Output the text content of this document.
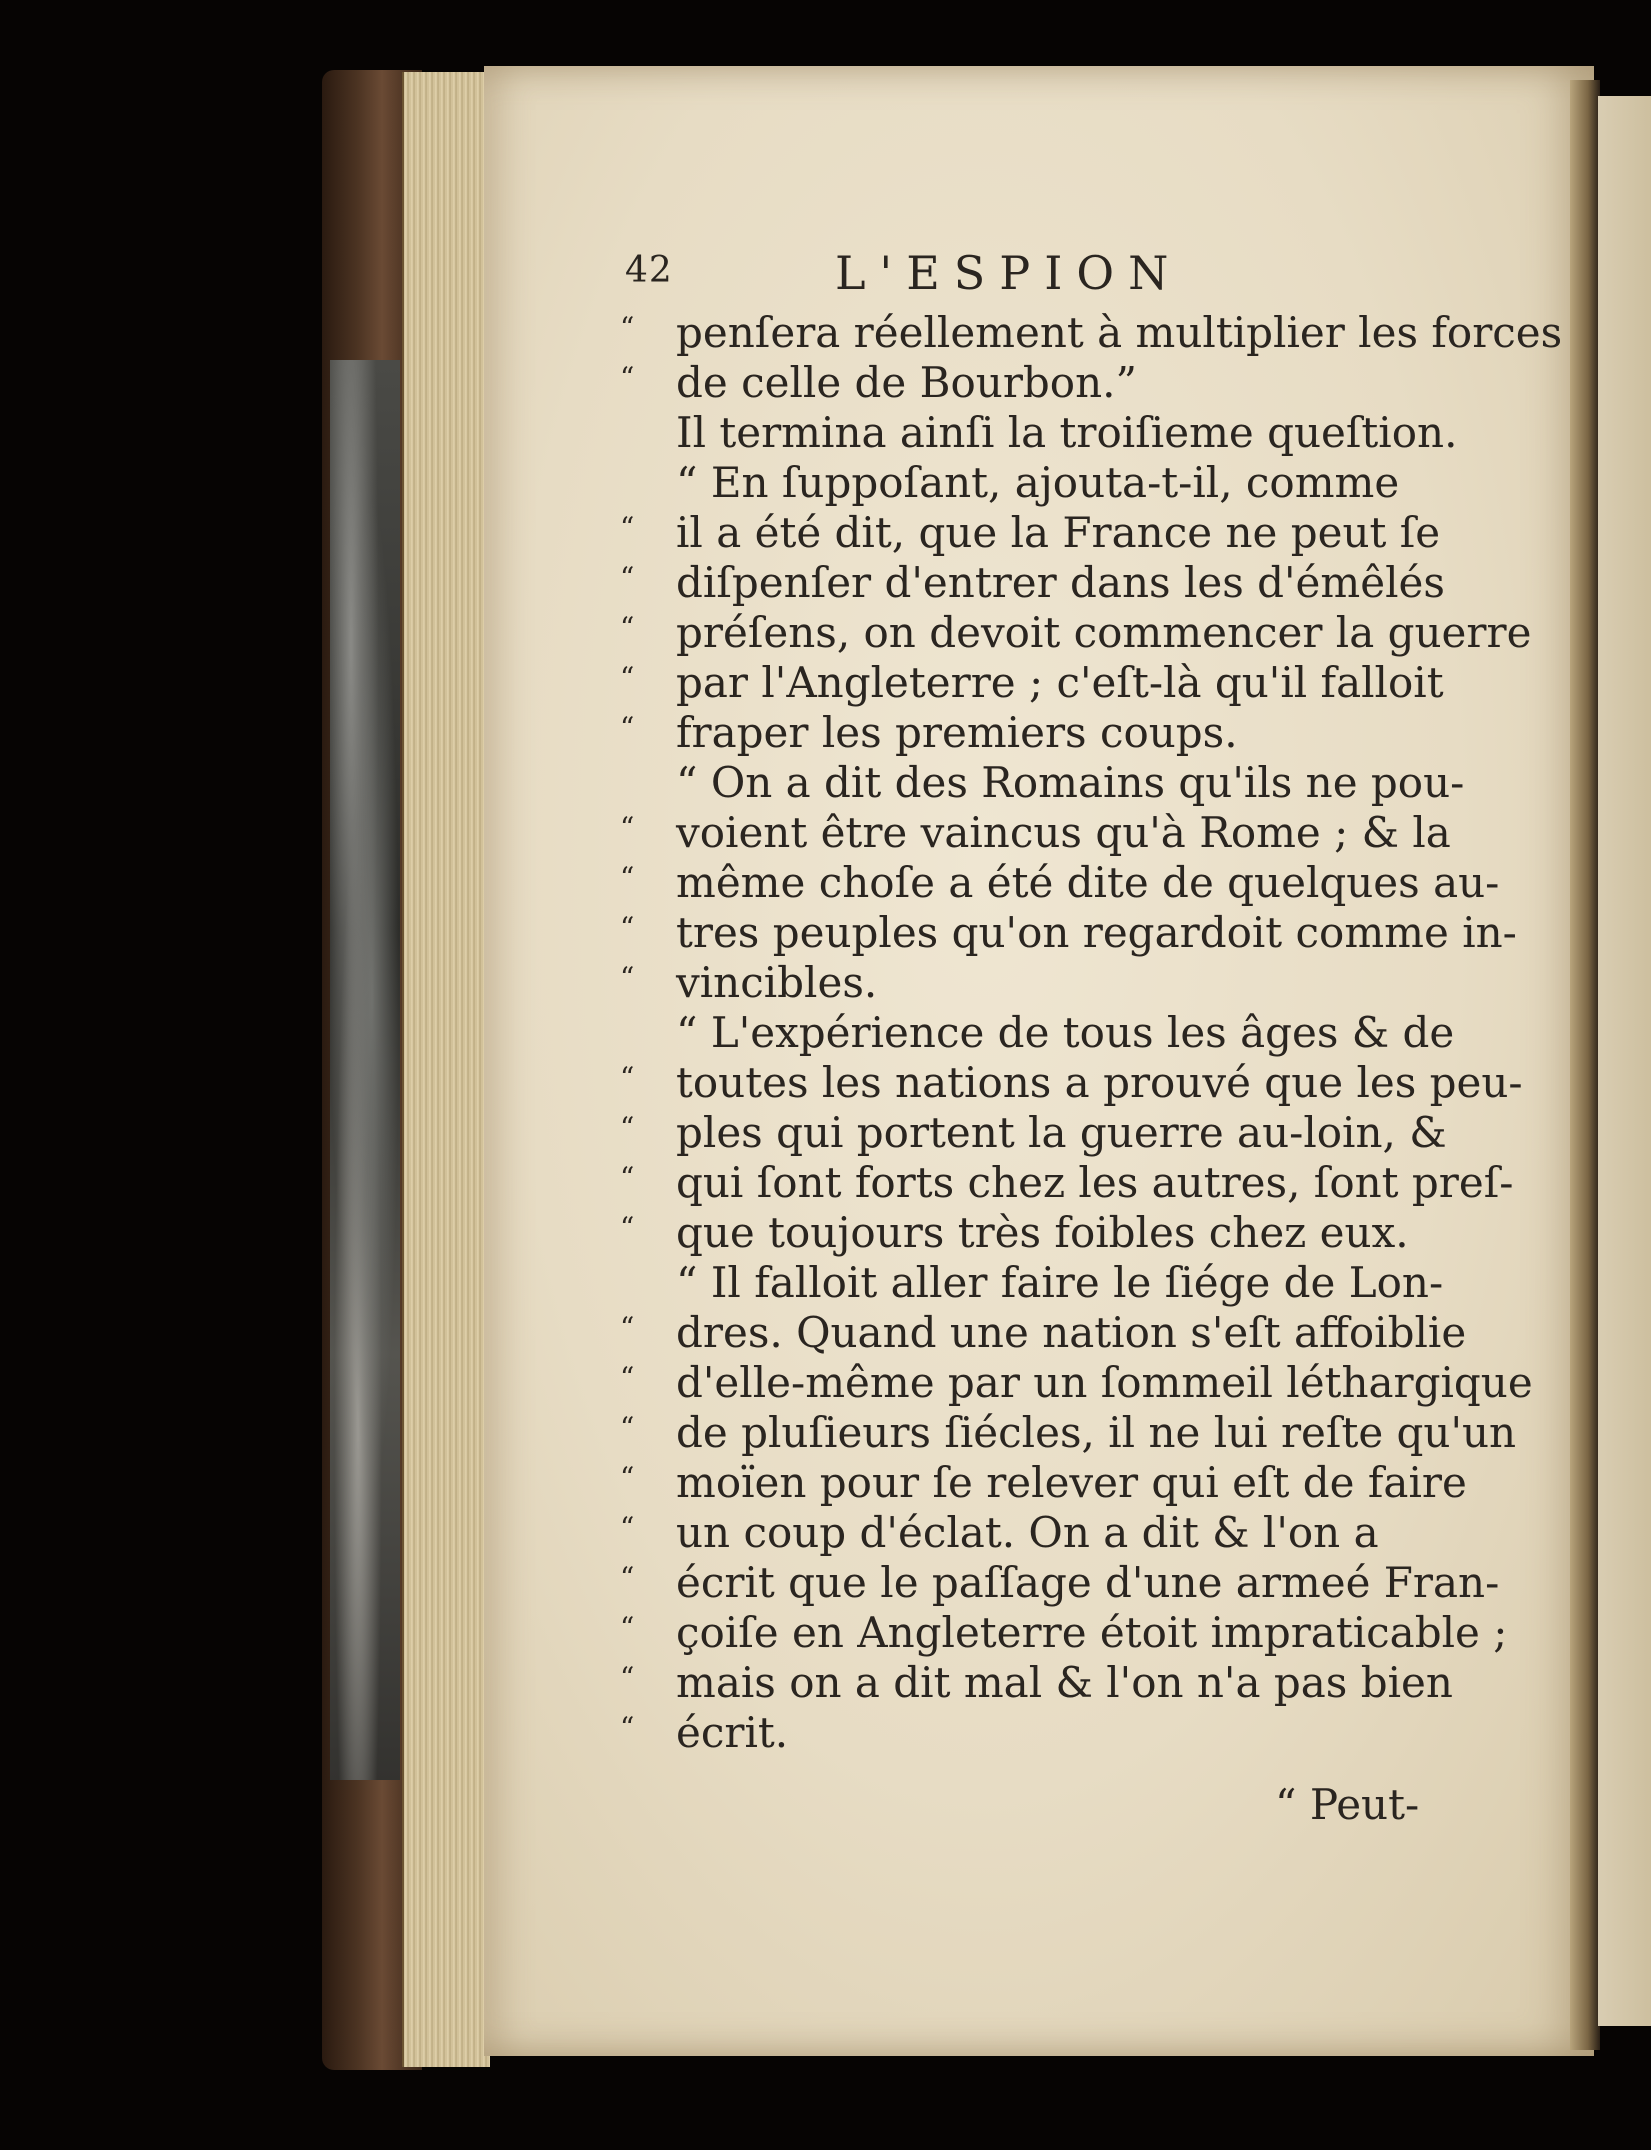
42	L'ESPION
“ penſera réellement à multiplier les forces
“ de celle de Bourbon.”
Il termina ainſi la troiſieme queſtion.
“ En ſuppoſant, ajouta-t-il, comme
“ il a été dit, que la France ne peut ſe
“ diſpenſer d'entrer dans les d'émêlés
“ préſens, on devoit commencer la guerre
“ par l'Angleterre ; c'eſt-là qu'il falloit
“ fraper les premiers coups.
“ On a dit des Romains qu'ils ne pou-
“ voient être vaincus qu'à Rome ; & la
“ même choſe a été dite de quelques au-
“ tres peuples qu'on regardoit comme in-
“ vincibles.
“ L'expérience de tous les âges & de
“ toutes les nations a prouvé que les peu-
“ ples qui portent la guerre au-loin, &
“ qui ſont forts chez les autres, ſont preſ-
“ que toujours très foibles chez eux.
“ Il falloit aller faire le ſiége de Lon-
“ dres. Quand une nation s'eſt affoiblie
“ d'elle-même par un ſommeil léthargique
“ de pluſieurs ſiécles, il ne lui reſte qu'un
“ moïen pour ſe relever qui eſt de faire
“ un coup d'éclat. On a dit & l'on a
“ écrit que le paſſage d'une armeé Fran-
“ çoiſe en Angleterre étoit impraticable ;
“ mais on a dit mal & l'on n'a pas bien
“ écrit.
“ Peut-
